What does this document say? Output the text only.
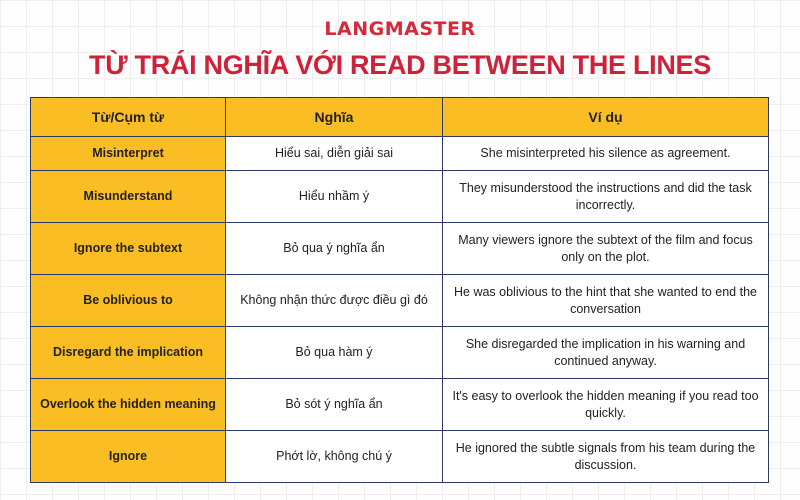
LANGMASTER
TỪ TRÁI NGHĨA VỚI READ BETWEEN THE LINES
Từ/Cụm từ	Nghĩa	Ví dụ
Misinterpret	Hiểu sai, diễn giải sai	She misinterpreted his silence as agreement.
Misunderstand	Hiểu nhầm ý	They misunderstood the instructions and did the task incorrectly.
Ignore the subtext	Bỏ qua ý nghĩa ẩn	Many viewers ignore the subtext of the film and focus only on the plot.
Be oblivious to	Không nhận thức được điều gì đó	He was oblivious to the hint that she wanted to end the conversation
Disregard the implication	Bỏ qua hàm ý	She disregarded the implication in his warning and continued anyway.
Overlook the hidden meaning	Bỏ sót ý nghĩa ẩn	It's easy to overlook the hidden meaning if you read too quickly.
Ignore	Phớt lờ, không chú ý	He ignored the subtle signals from his team during the discussion.
